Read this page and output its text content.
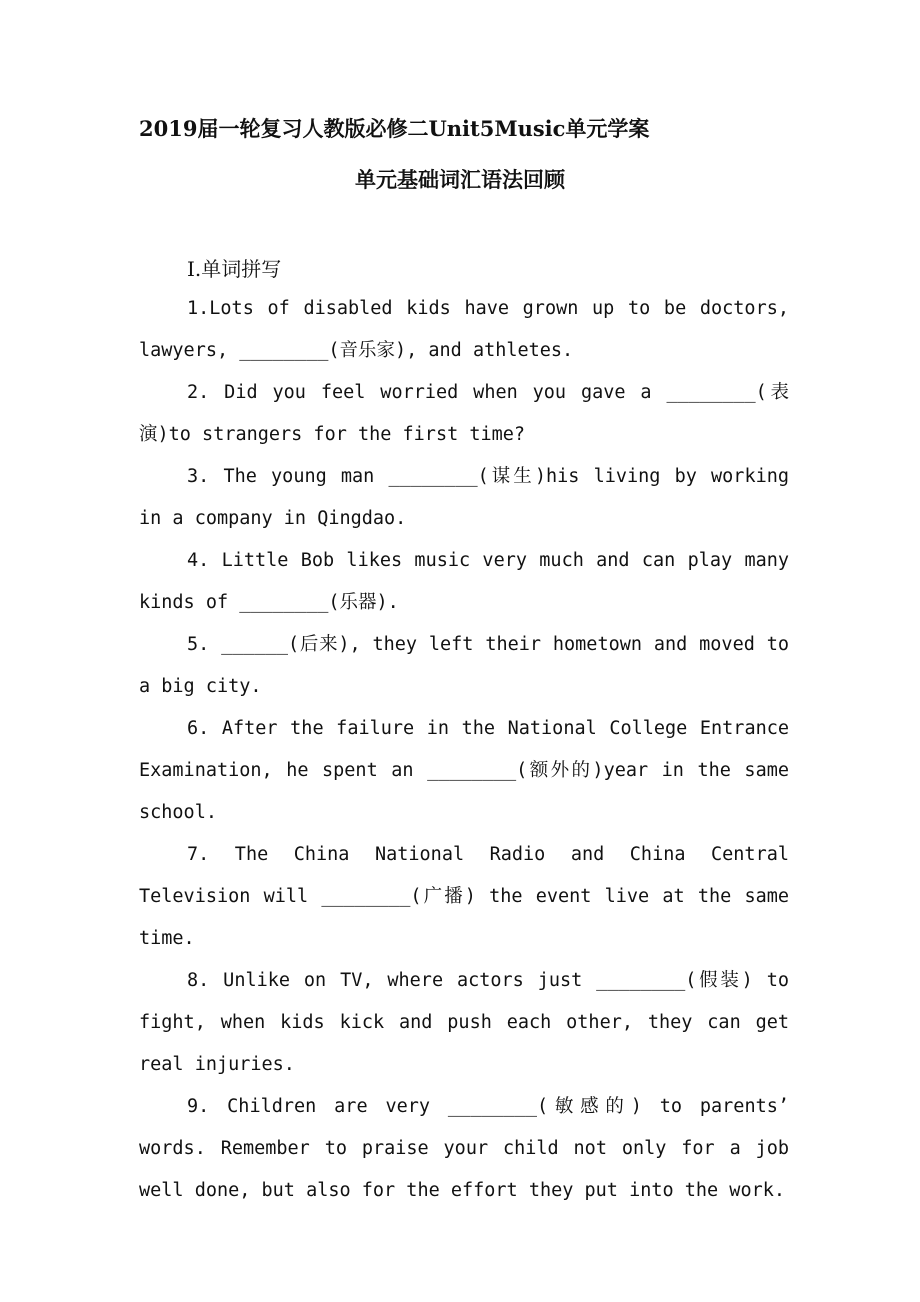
2019届一轮复习人教版必修二Unit5Music单元学案
单元基础词汇语法回顾
Ⅰ.单词拼写

1.Lots of disabled kids have grown up to be doctors, lawyers, ________(音乐家), and athletes.

2. Did you feel worried when you gave a ________(表演)to strangers for the first time?

3. The young man ________(谋生)his living by working in a company in Qingdao.

4. Little Bob likes music very much and can play many kinds of ________(乐器).

5. ______(后来), they left their hometown and moved to a big city.

6. After the failure in the National College Entrance Examination, he spent an ________(额外的)year in the same school.

7. The China National Radio and China Central Television will ________(广播) the event live at the same time.

8. Unlike on TV, where actors just ________(假装) to fight, when kids kick and push each other, they can get real injuries.

9. Children are very ________(敏感的) to parents’ words. Remember to praise your child not only for a job well done, but also for the effort they put into the work.
